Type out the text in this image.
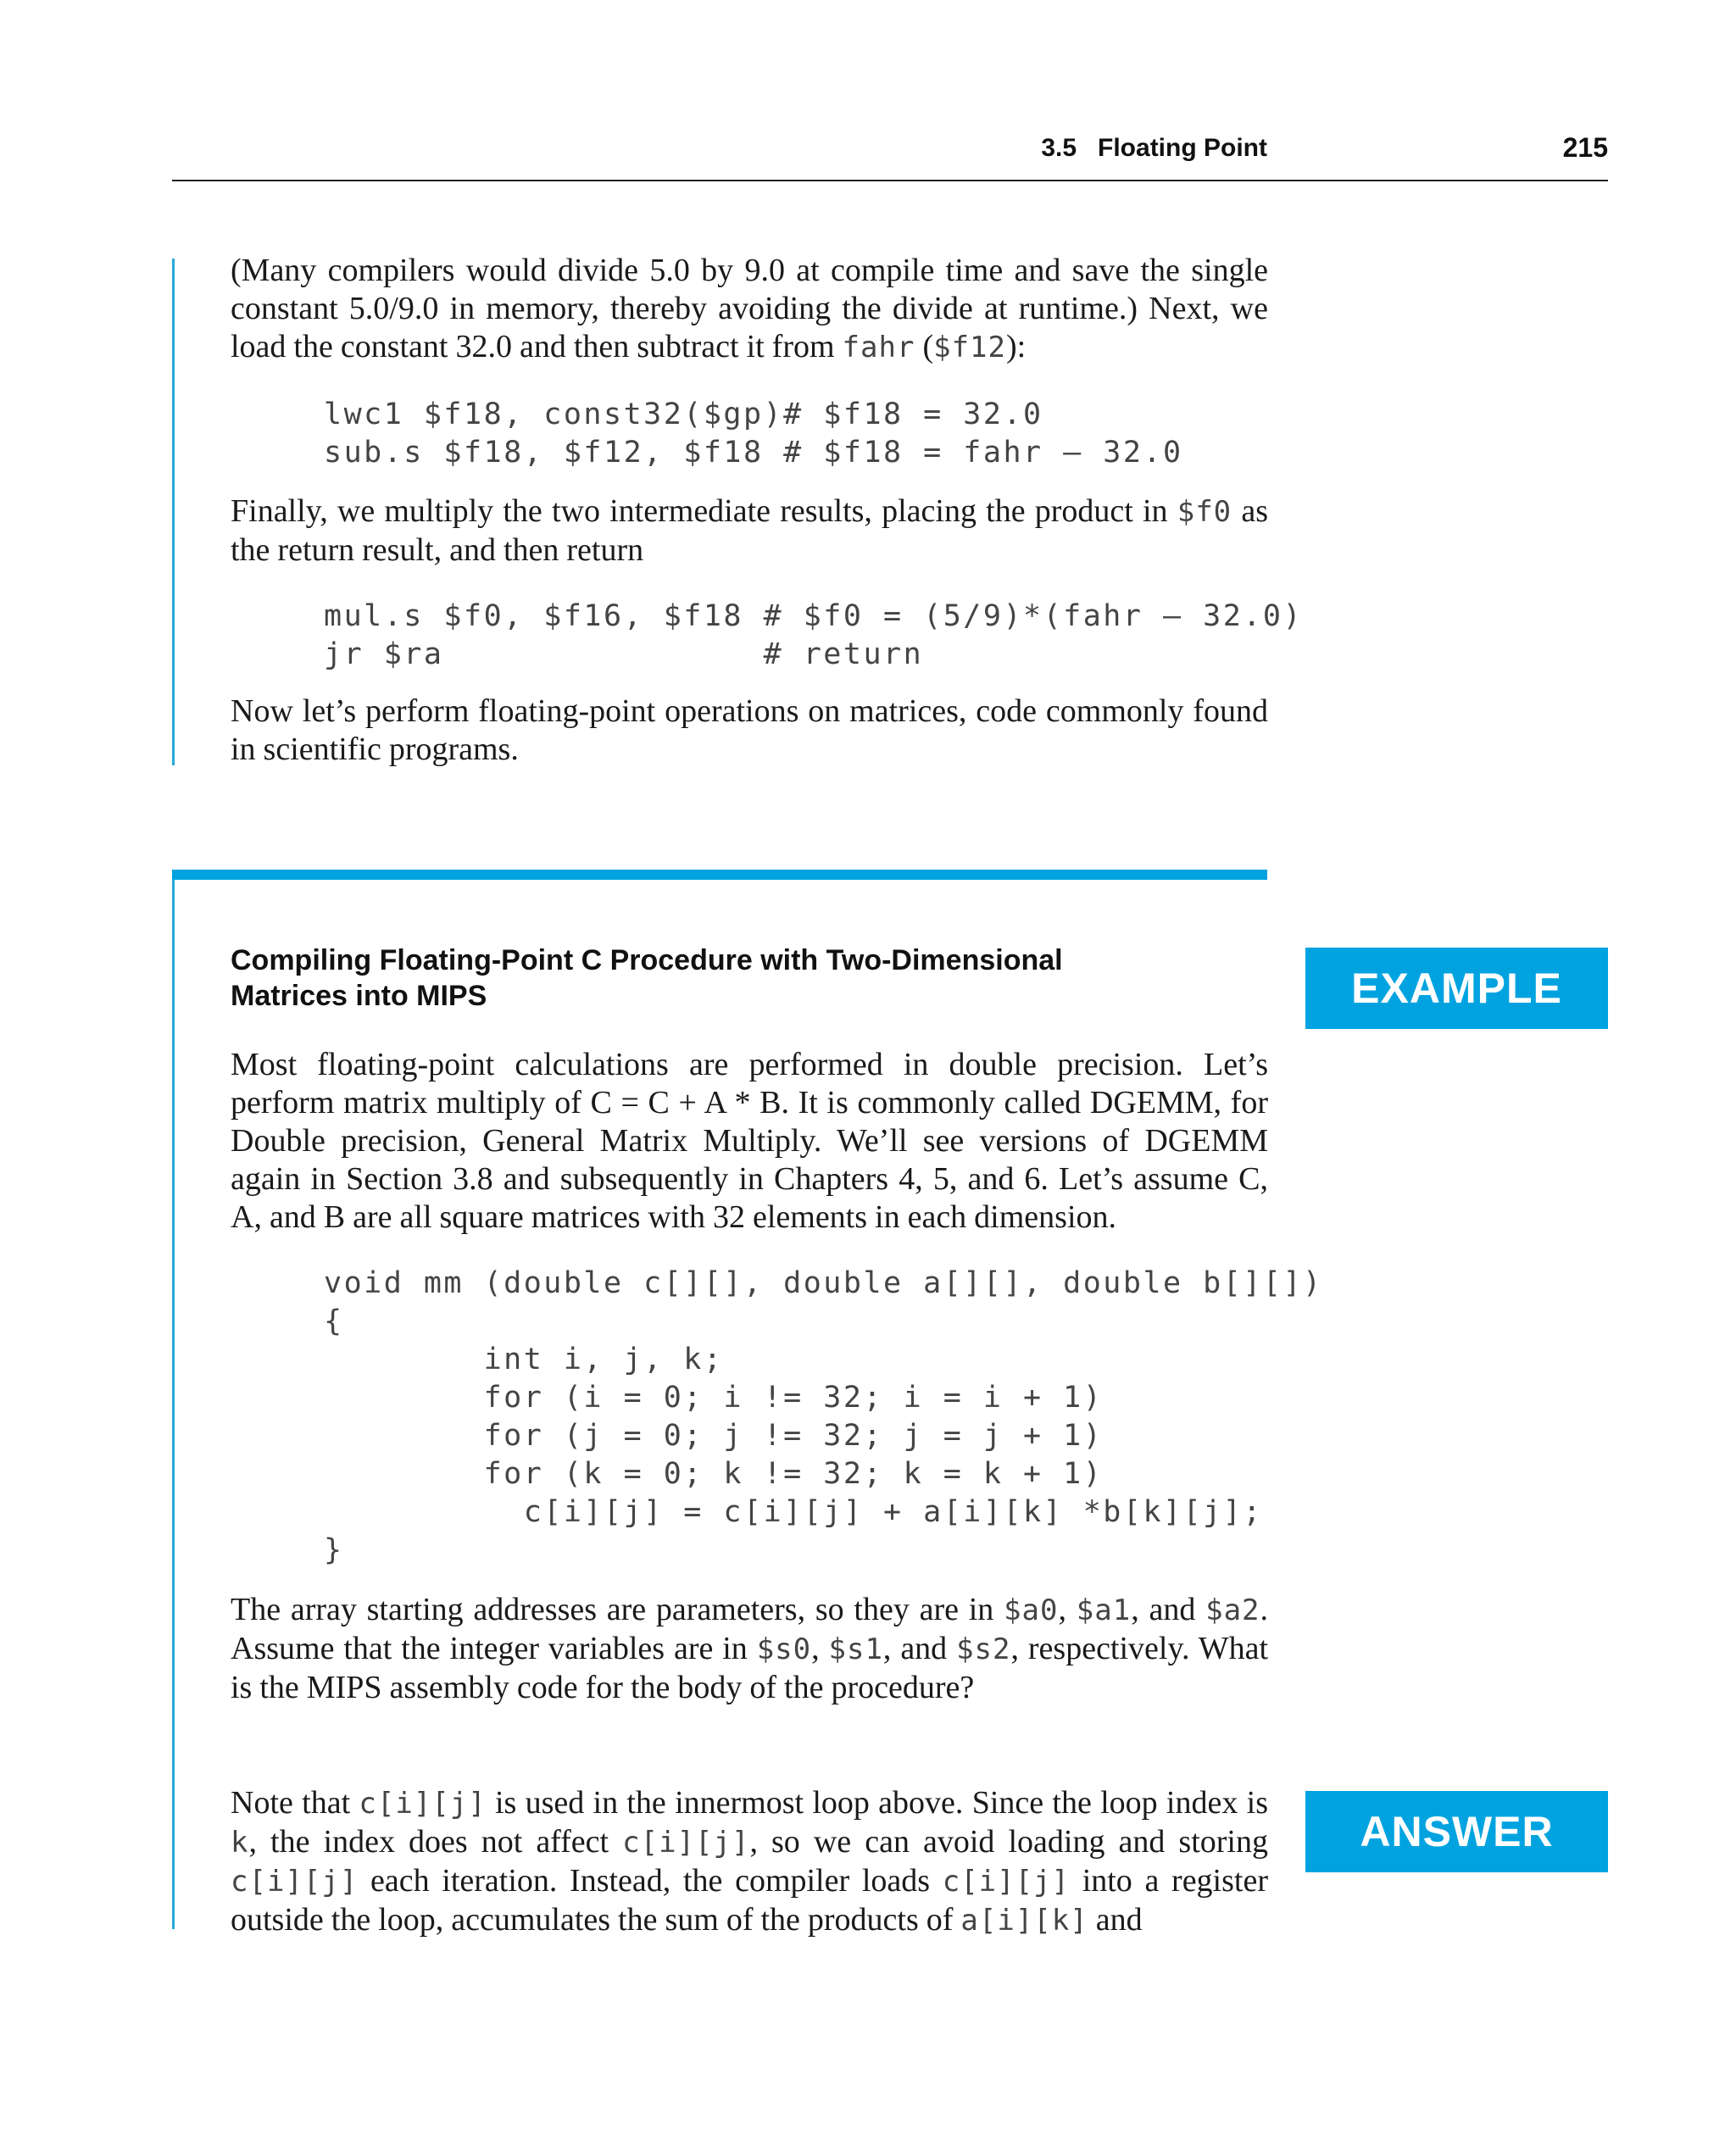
3.5   Floating Point	215
(Many compilers would divide 5.0 by 9.0 at compile time and save the single constant 5.0/9.0 in memory, thereby avoiding the divide at runtime.) Next, we load the constant 32.0 and then subtract it from fahr ($f12):
lwc1 $f18, const32($gp)# $f18 = 32.0
sub.s $f18, $f12, $f18 # $f18 = fahr – 32.0
Finally, we multiply the two intermediate results, placing the product in $f0 as the return result, and then return
mul.s $f0, $f16, $f18 # $f0 = (5/9)*(fahr – 32.0)
jr $ra                # return
Now let’s perform floating-point operations on matrices, code commonly found in scientific programs.
Compiling Floating-Point C Procedure with Two-Dimensional
Matrices into MIPS	EXAMPLE
Most floating-point calculations are performed in double precision. Let’s perform matrix multiply of C = C + A * B. It is commonly called DGEMM, for Double precision, General Matrix Multiply. We’ll see versions of DGEMM again in Section 3.8 and subsequently in Chapters 4, 5, and 6. Let’s assume C, A, and B are all square matrices with 32 elements in each dimension.
void mm (double c[][], double a[][], double b[][])
{
int i, j, k;
for (i = 0; i != 32; i = i + 1)
for (j = 0; j != 32; j = j + 1)
for (k = 0; k != 32; k = k + 1)
c[i][j] = c[i][j] + a[i][k] *b[k][j];
}
The array starting addresses are parameters, so they are in $a0, $a1, and $a2. Assume that the integer variables are in $s0, $s1, and $s2, respectively. What is the MIPS assembly code for the body of the procedure?
ANSWER
Note that c[i][j] is used in the innermost loop above. Since the loop index is k, the index does not affect c[i][j], so we can avoid loading and storing c[i][j] each iteration. Instead, the compiler loads c[i][j] into a register outside the loop, accumulates the sum of the products of a[i][k] and
